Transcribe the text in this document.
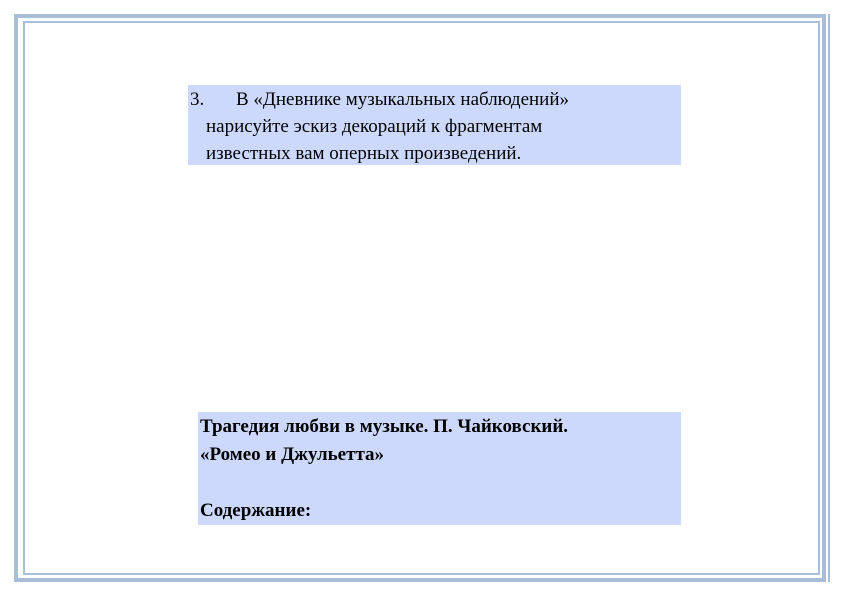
3. В «Дневнике музыкальных наблюдений»
нарисуйте эскиз декораций к фрагментам
известных вам оперных произведений.
Трагедия любви в музыке. П. Чайковский.
«Ромео и Джульетта»
Содержание:
